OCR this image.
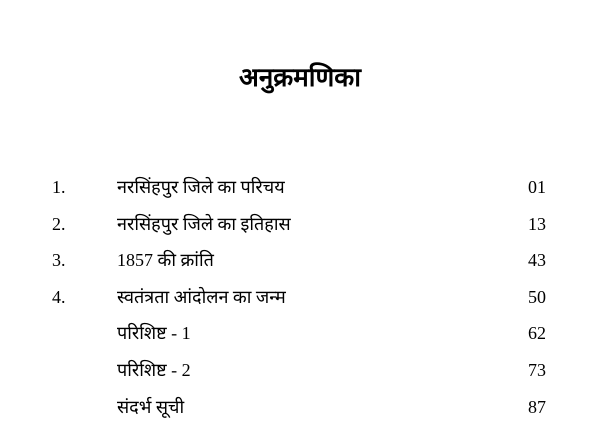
अनुक्रमणिका
1.	नरसिंहपुर जिले का परिचय	01
2.	नरसिंहपुर जिले का इतिहास	13
3.	1857 की क्रांति	43
4.	स्वतंत्रता आंदोलन का जन्म	50
परिशिष्ट - 1	62
परिशिष्ट - 2	73
संदर्भ सूची	87
